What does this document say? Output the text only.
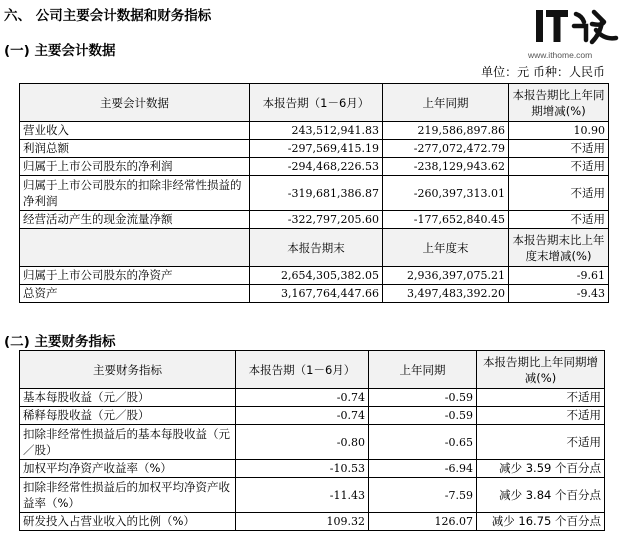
六、 公司主要会计数据和财务指标
www.ithome.com
(一) 主要会计数据
单位：元 币种：人民币
主要会计数据	本报告期（1－6月）	上年同期	本报告期比上年同期增减(%)
营业收入	243,512,941.83	219,586,897.86	10.90
利润总额	-297,569,415.19	-277,072,472.79	不适用
归属于上市公司股东的净利润	-294,468,226.53	-238,129,943.62	不适用
归属于上市公司股东的扣除非经常性损益的净利润	-319,681,386.87	-260,397,313.01	不适用
经营活动产生的现金流量净额	-322,797,205.60	-177,652,840.45	不适用
	本报告期末	上年度末	本报告期末比上年度末增减(%)
归属于上市公司股东的净资产	2,654,305,382.05	2,936,397,075.21	-9.61
总资产	3,167,764,447.66	3,497,483,392.20	-9.43
(二) 主要财务指标
主要财务指标	本报告期（1－6月）	上年同期	本报告期比上年同期增减(%)
基本每股收益（元／股）	-0.74	-0.59	不适用
稀释每股收益（元／股）	-0.74	-0.59	不适用
扣除非经常性损益后的基本每股收益（元／股）	-0.80	-0.65	不适用
加权平均净资产收益率（%）	-10.53	-6.94	减少 3.59 个百分点
扣除非经常性损益后的加权平均净资产收益率（%）	-11.43	-7.59	减少 3.84 个百分点
研发投入占营业收入的比例（%）	109.32	126.07	减少 16.75 个百分点
